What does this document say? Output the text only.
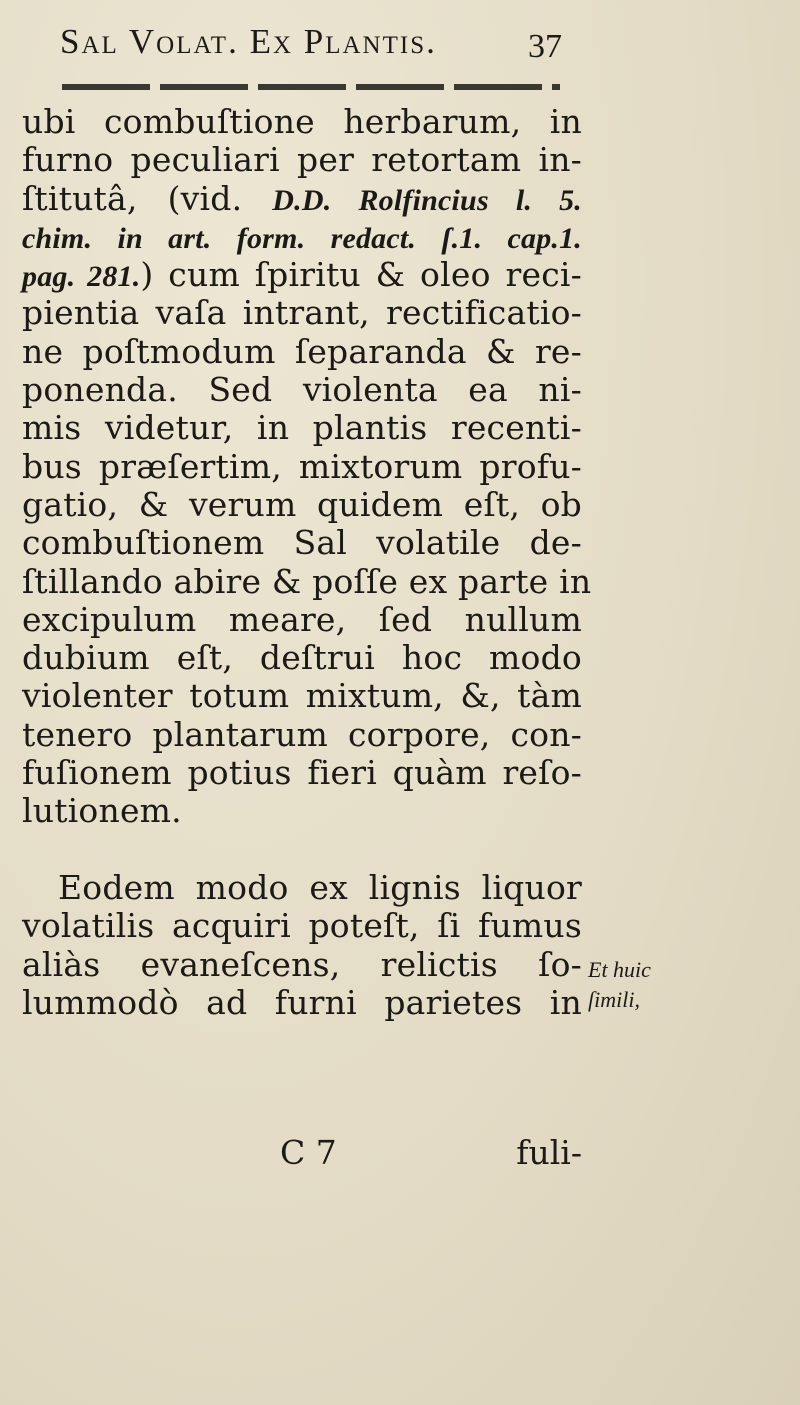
Sal Volat. Ex Plantis.	37
ubi combuſtione herbarum, in
furno peculiari per retortam in-
ſtitutâ, (vid. D.D. Rolfincius l. 5.
chim. in art. form. redact. ſ.1. cap.1.
pag. 281.) cum ſpiritu & oleo reci-
pientia vaſa intrant, rectificatio-
ne poſtmodum ſeparanda & re-
ponenda. Sed violenta ea ni-
mis videtur, in plantis recenti-
bus præſertim, mixtorum profu-
gatio, & verum quidem eſt, ob
combuſtionem Sal volatile de-
ſtillando abire & poſſe ex parte in
excipulum meare, ſed nullum
dubium eſt, deſtrui hoc modo
violenter totum mixtum, &, tàm
tenero plantarum corpore, con-
fuſionem potius fieri quàm reſo-
lutionem.
Eodem modo ex lignis liquor
volatilis acquiri poteſt, ſi fumus
aliàs evaneſcens, relictis ſo-
lummodò ad furni parietes in
Et huic
ſimili,
C 7	fuli-
